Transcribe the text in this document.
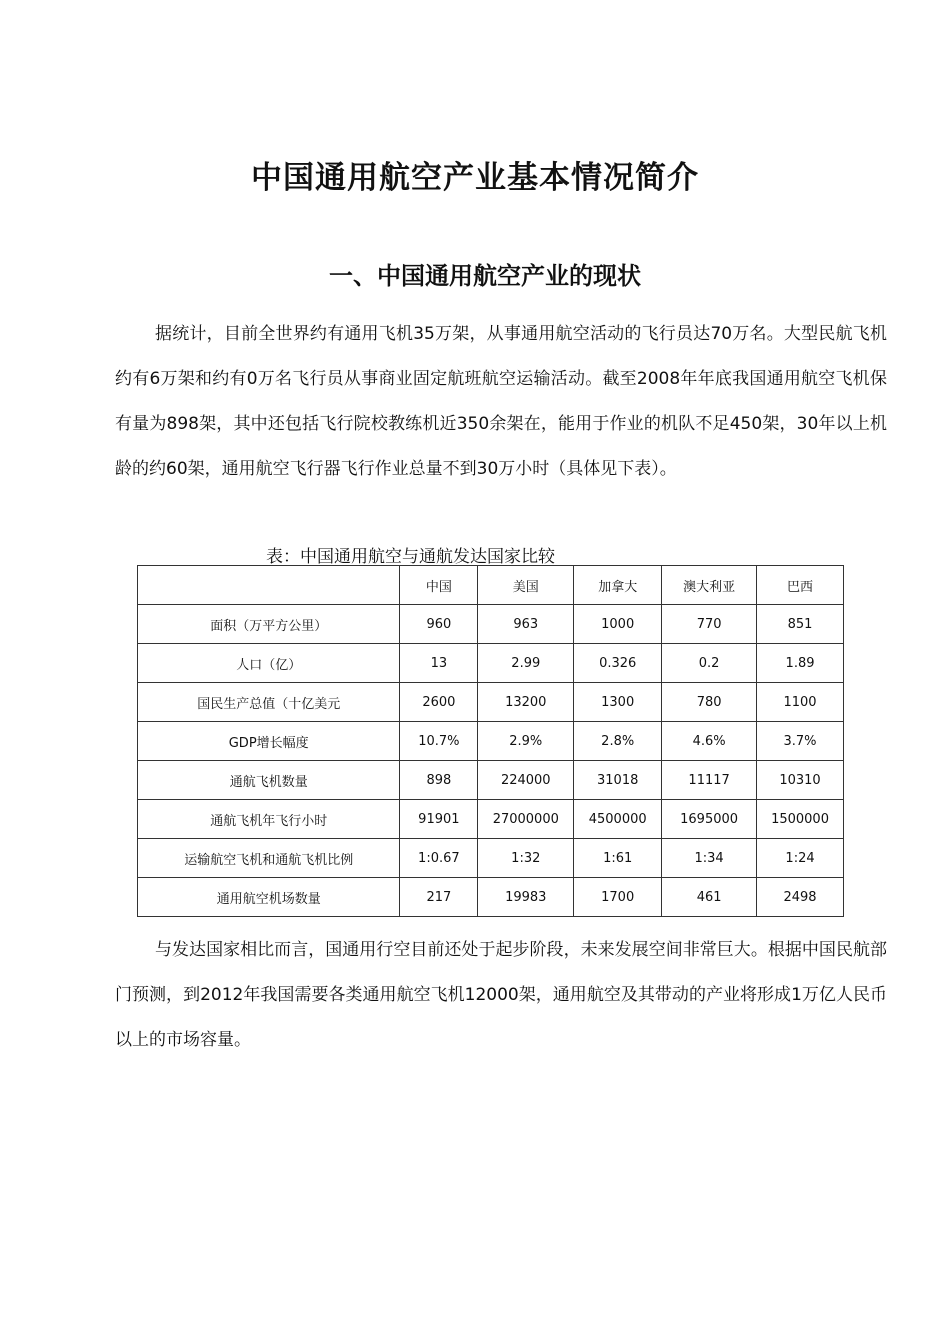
中国通用航空产业基本情况简介
一、中国通用航空产业的现状

据统计，目前全世界约有通用飞机35万架，从事通用航空活动的飞行员达70万名。大型民航飞机约有6万架和约有0万名飞行员从事商业固定航班航空运输活动。截至2008年年底我国通用航空飞机保有量为898架，其中还包括飞行院校教练机近350余架在，能用于作业的机队不足450架，30年以上机龄的约60架，通用航空飞行器飞行作业总量不到30万小时（具体见下表）。

表：中国通用航空与通航发达国家比较

	中国	美国	加拿大	澳大利亚	巴西
面积（万平方公里）	960	963	1000	770	851
人口（亿）	13	2.99	0.326	0.2	1.89
国民生产总值（十亿美元	2600	13200	1300	780	1100
GDP增长幅度	10.7%	2.9%	2.8%	4.6%	3.7%
通航飞机数量	898	224000	31018	11117	10310
通航飞机年飞行小时	91901	27000000	4500000	1695000	1500000
运输航空飞机和通航飞机比例	1:0.67	1:32	1:61	1:34	1:24
通用航空机场数量	217	19983	1700	461	2498

与发达国家相比而言，国通用行空目前还处于起步阶段，未来发展空间非常巨大。根据中国民航部门预测，到2012年我国需要各类通用航空飞机12000架，通用航空及其带动的产业将形成1万亿人民币以上的市场容量。
